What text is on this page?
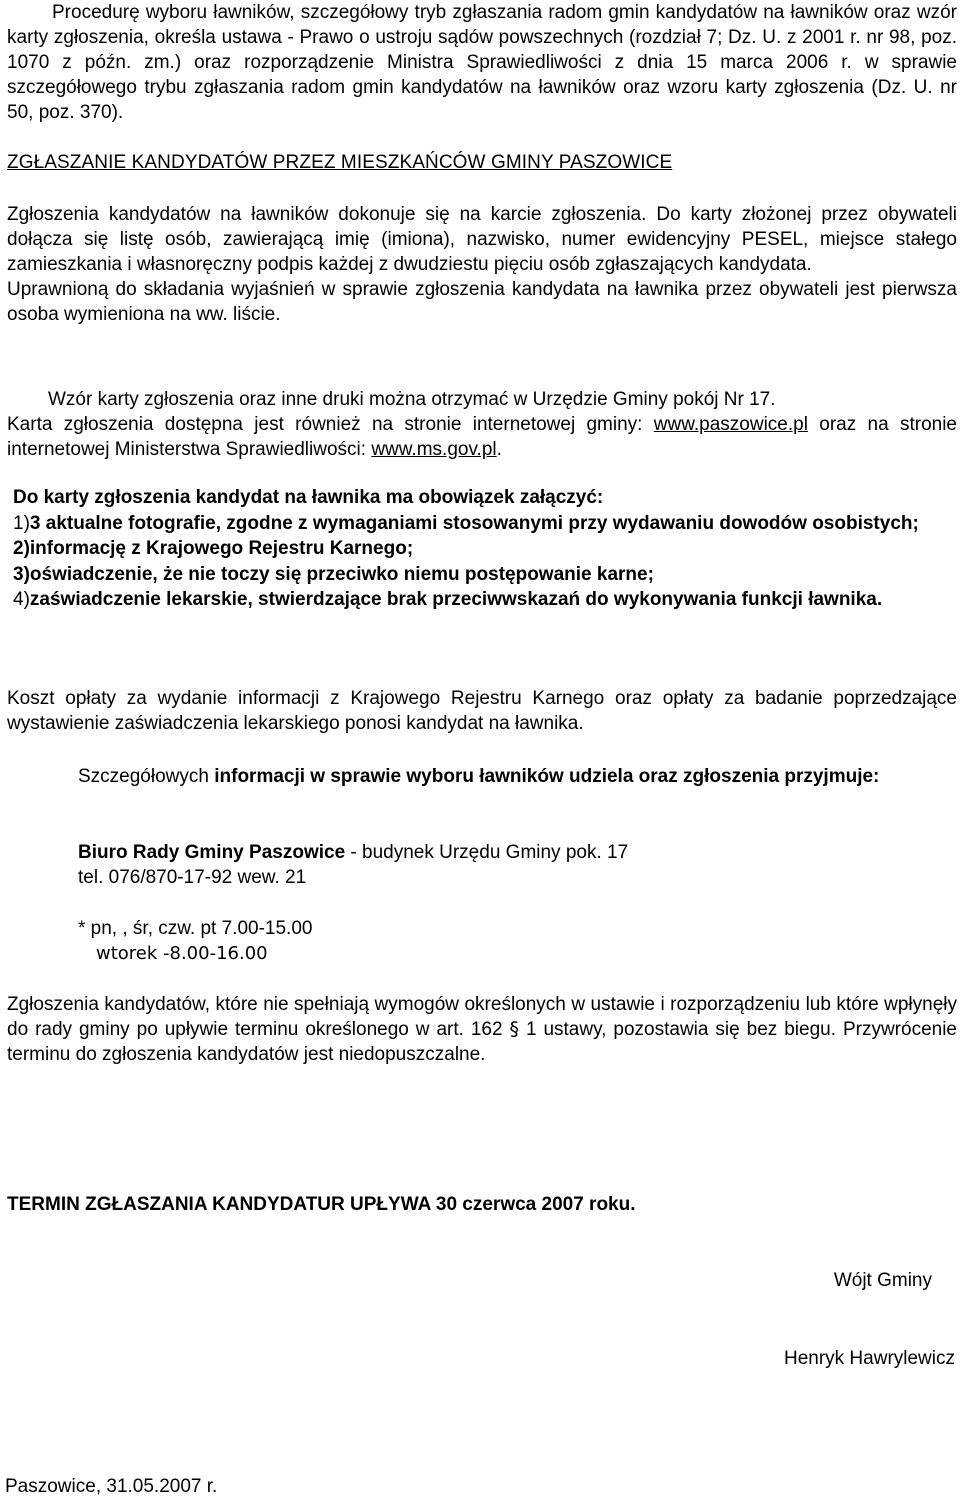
Procedurę wyboru ławników, szczegółowy tryb zgłaszania radom gmin kandydatów na ławników oraz wzór karty zgłoszenia, określa ustawa - Prawo o ustroju sądów powszechnych (rozdział 7; Dz. U. z 2001 r. nr 98, poz. 1070 z późn. zm.) oraz rozporządzenie Ministra Sprawiedliwości z dnia 15 marca 2006 r. w sprawie szczegółowego trybu zgłaszania radom gmin kandydatów na ławników oraz wzoru karty zgłoszenia (Dz. U. nr 50, poz. 370).
ZGŁASZANIE KANDYDATÓW PRZEZ MIESZKAŃCÓW GMINY PASZOWICE
Zgłoszenia kandydatów na ławników dokonuje się na karcie zgłoszenia. Do karty złożonej przez obywateli dołącza się listę osób, zawierającą imię (imiona), nazwisko, numer ewidencyjny PESEL, miejsce stałego zamieszkania i własnoręczny podpis każdej z dwudziestu pięciu osób zgłaszających kandydata.
Uprawnioną do składania wyjaśnień w sprawie zgłoszenia kandydata na ławnika przez obywateli jest pierwsza osoba wymieniona na ww. liście.
Wzór karty zgłoszenia oraz inne druki można otrzymać w Urzędzie Gminy pokój Nr 17.
Karta zgłoszenia dostępna jest również na stronie internetowej gminy: www.paszowice.pl oraz na stronie internetowej Ministerstwa Sprawiedliwości: www.ms.gov.pl.
Do karty zgłoszenia kandydat na ławnika ma obowiązek załączyć:
1)3 aktualne fotografie, zgodne z wymaganiami stosowanymi przy wydawaniu dowodów osobistych;
2)informację z Krajowego Rejestru Karnego;
3)oświadczenie, że nie toczy się przeciwko niemu postępowanie karne;
4)zaświadczenie lekarskie, stwierdzające brak przeciwwskazań do wykonywania funkcji ławnika.
Koszt opłaty za wydanie informacji z Krajowego Rejestru Karnego oraz opłaty za badanie poprzedzające wystawienie zaświadczenia lekarskiego ponosi kandydat na ławnika.
Szczegółowych informacji w sprawie wyboru ławników udziela oraz zgłoszenia przyjmuje:
Biuro Rady Gminy Paszowice - budynek Urzędu Gminy pok. 17
tel. 076/870-17-92 wew. 21
* pn, , śr, czw. pt 7.00-15.00
wtorek -8.00-16.00
Zgłoszenia kandydatów, które nie spełniają wymogów określonych w ustawie i rozporządzeniu lub które wpłynęły do rady gminy po upływie terminu określonego w art. 162 § 1 ustawy, pozostawia się bez biegu. Przywrócenie terminu do zgłoszenia kandydatów jest niedopuszczalne.
TERMIN ZGŁASZANIA KANDYDATUR UPŁYWA 30 czerwca 2007 roku.
Wójt Gminy
Henryk Hawrylewicz
Paszowice, 31.05.2007 r.
